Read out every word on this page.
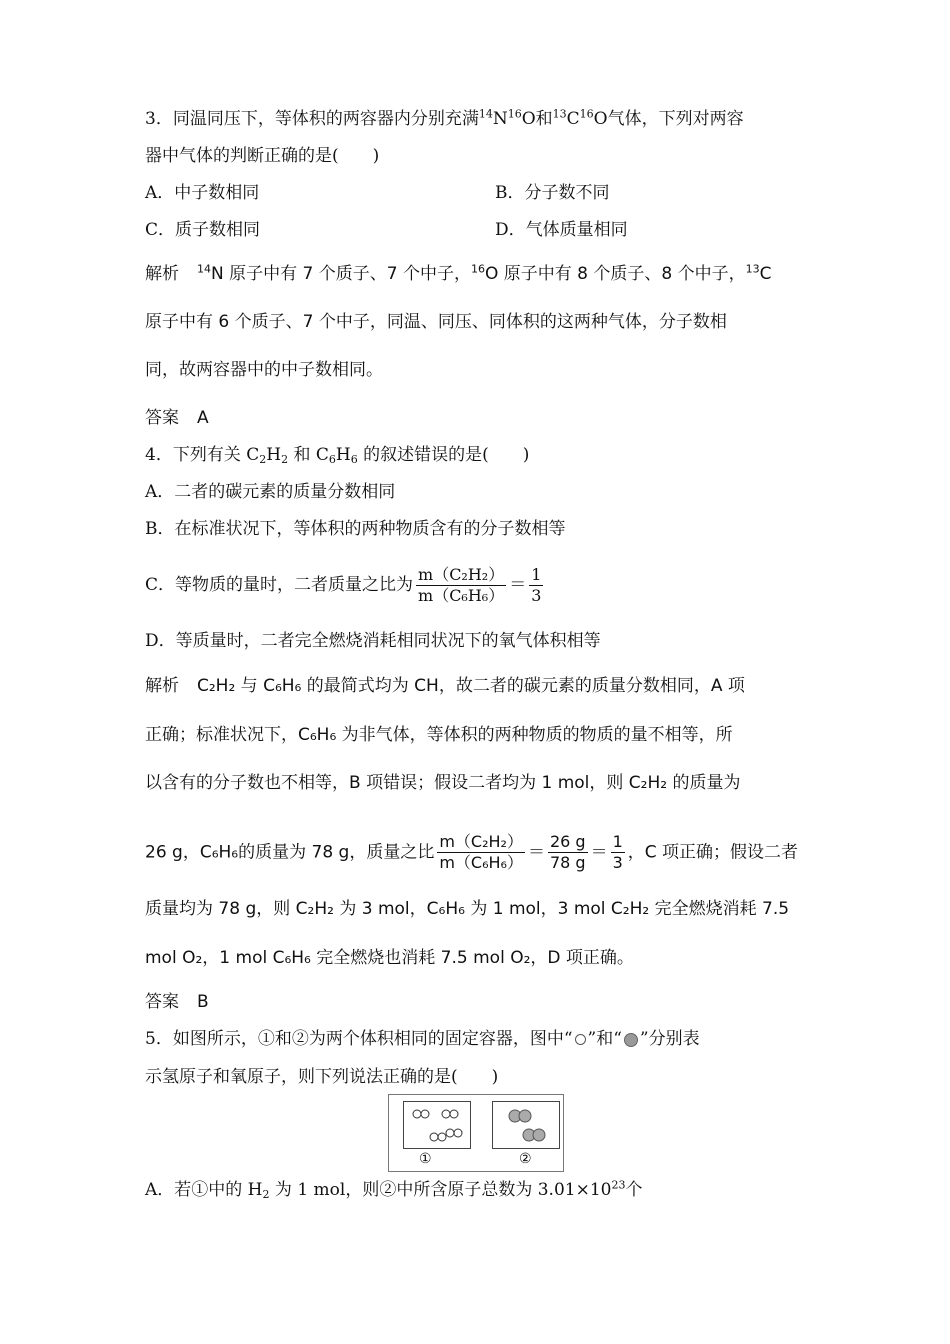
3．同温同压下，等体积的两容器内分别充满$^{14}N^{16}O$和$^{13}C^{16}O$气体，下列对两容
器中气体的判断正确的是(　　)
A．中子数相同	B．分子数不同
C．质子数相同	D．气体质量相同
解析 $^{14}$N 原子中有 7 个质子、7 个中子，$^{16}$O 原子中有 8 个质子、8 个中子，$^{13}$C
原子中有 6 个质子、7 个中子，同温、同压、同体积的这两种气体，分子数相
同，故两容器中的中子数相同。
答案 A
4．下列有关 $C_2H_2$ 和 $C_6H_6$ 的叙述错误的是(　　)
A．二者的碳元素的质量分数相同
B．在标准状况下，等体积的两种物质含有的分子数相等
C．等物质的量时，二者质量之比为 $\frac{\text{m（C₂H₂）}}{\text{m（C₆H₆）}} = \frac{1}{3}$
D．等质量时，二者完全燃烧消耗相同状况下的氧气体积相等
解析 C₂H₂ 与 C₆H₆ 的最简式均为 CH，故二者的碳元素的质量分数相同，A 项
正确；标准状况下，C₆H₆ 为非气体，等体积的两种物质的物质的量不相等，所
以含有的分子数也不相等，B 项错误；假设二者均为 1 mol，则 C₂H₂ 的质量为
26 g，C₆H₆的质量为 78 g，质量之比 $\frac{\text{m（C₂H₂）}}{\text{m（C₆H₆）}} = \frac{26 g}{78 g} = \frac{1}{3}$ ，C 项正确；假设二者
质量均为 78 g，则 C₂H₂ 为 3 mol，C₆H₆ 为 1 mol，3 mol C₂H₂ 完全燃烧消耗 7.5
mol O₂，1 mol C₆H₆ 完全燃烧也消耗 7.5 mol O₂，D 项正确。
答案 B
5．如图所示，①和②为两个体积相同的固定容器，图中“ ”和“ ”分别表
示氢原子和氧原子，则下列说法正确的是(　　)
①	②
A．若①中的 $H_2$ 为 1 mol，则②中所含原子总数为 $3.01\times 10^{23}$个
